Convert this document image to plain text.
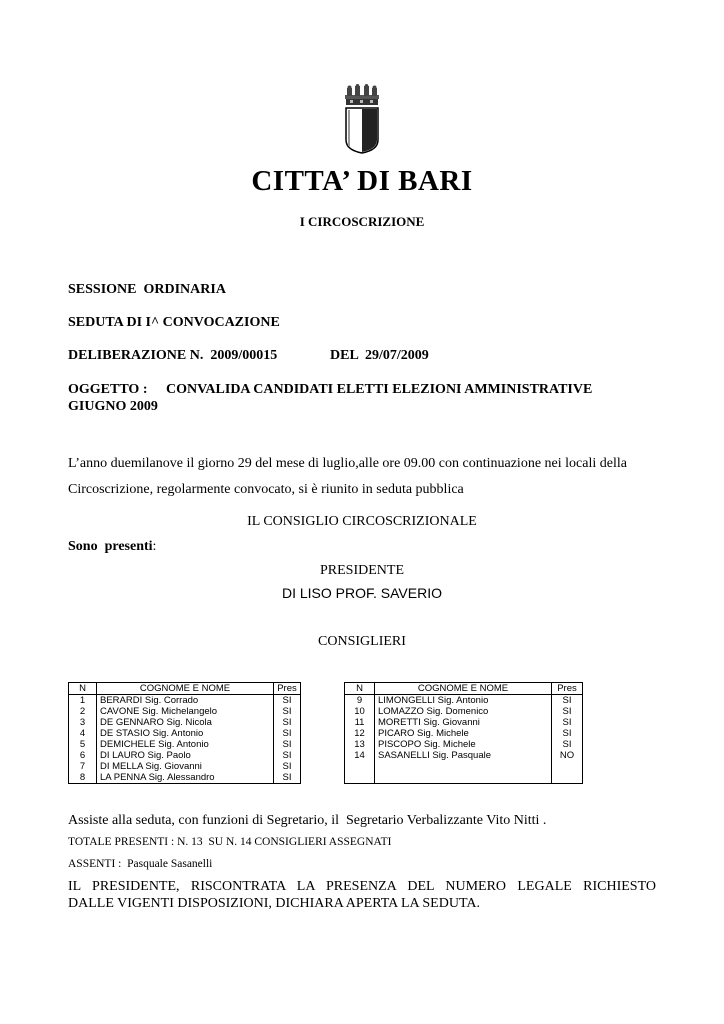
CITTA’ DI BARI
I CIRCOSCRIZIONE
SESSIONE  ORDINARIA
SEDUTA DI I^ CONVOCAZIONE
DELIBERAZIONE N.  2009/00015	DEL  29/07/2009
OGGETTO : CONVALIDA CANDIDATI ELETTI ELEZIONI AMMINISTRATIVE
GIUGNO 2009
L’anno duemilanove il giorno 29 del mese di luglio,alle ore 09.00 con continuazione nei locali della
Circoscrizione, regolarmente convocato, si è riunito in seduta pubblica
IL CONSIGLIO CIRCOSCRIZIONALE
Sono  presenti:
PRESIDENTE
DI LISO PROF. SAVERIO
CONSIGLIERI
N	COGNOME E NOME	Pres
1	BERARDI Sig. Corrado	SI
2	CAVONE Sig. Michelangelo	SI
3	DE GENNARO Sig. Nicola	SI
4	DE STASIO Sig. Antonio	SI
5	DEMICHELE Sig. Antonio	SI
6	DI LAURO Sig. Paolo	SI
7	DI MELLA Sig. Giovanni	SI
8	LA PENNA Sig. Alessandro	SI
N	COGNOME E NOME	Pres
9	LIMONGELLI Sig. Antonio	SI
10	LOMAZZO Sig. Domenico	SI
11	MORETTI Sig. Giovanni	SI
12	PICARO Sig. Michele	SI
13	PISCOPO Sig. Michele	SI
14	SASANELLI Sig. Pasquale	NO

Assiste alla seduta, con funzioni di Segretario, il  Segretario Verbalizzante Vito Nitti .
TOTALE PRESENTI : N. 13  SU N. 14 CONSIGLIERI ASSEGNATI
ASSENTI :  Pasquale Sasanelli
IL PRESIDENTE, RISCONTRATA LA PRESENZA DEL NUMERO LEGALE RICHIESTO
DALLE VIGENTI DISPOSIZIONI, DICHIARA APERTA LA SEDUTA.
